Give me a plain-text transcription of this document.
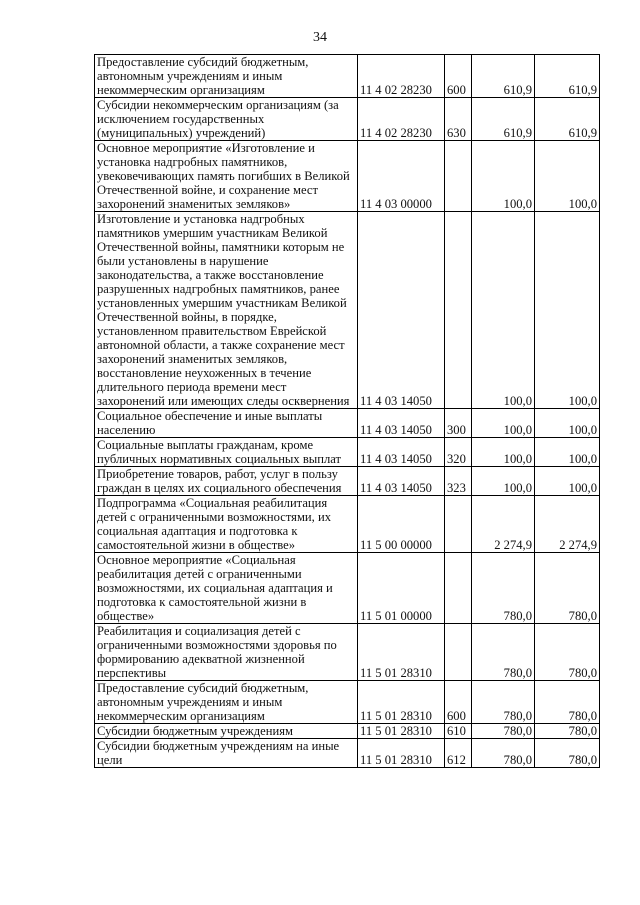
34
Предоставление субсидий бюджетным, автономным учреждениям и иным некоммерческим организациям	11 4 02 28230	600	610,9	610,9
Субсидии некоммерческим организациям (за исключением государственных (муниципальных) учреждений)	11 4 02 28230	630	610,9	610,9
Основное мероприятие «Изготовление и установка надгробных памятников, увековечивающих память погибших в Великой Отечественной войне, и сохранение мест захоронений знаменитых земляков»	11 4 03 00000		100,0	100,0
Изготовление и установка надгробных памятников умершим участникам Великой Отечественной войны, памятники которым не были установлены в нарушение законодательства, а также восстановление разрушенных надгробных памятников, ранее установленных умершим участникам Великой Отечественной войны, в порядке, установленном правительством Еврейской автономной области, а также сохранение мест захоронений знаменитых земляков, восстановление неухоженных в течение длительного периода времени мест захоронений или имеющих следы осквернения	11 4 03 14050		100,0	100,0
Социальное обеспечение и иные выплаты населению	11 4 03 14050	300	100,0	100,0
Социальные выплаты гражданам, кроме публичных нормативных социальных выплат	11 4 03 14050	320	100,0	100,0
Приобретение товаров, работ, услуг в пользу граждан в целях их социального обеспечения	11 4 03 14050	323	100,0	100,0
Подпрограмма «Социальная реабилитация детей с ограниченными возможностями, их социальная адаптация и подготовка к самостоятельной жизни в обществе»	11 5 00 00000		2 274,9	2 274,9
Основное мероприятие «Социальная реабилитация детей с ограниченными возможностями, их социальная адаптация и подготовка к самостоятельной жизни в обществе»	11 5 01 00000		780,0	780,0
Реабилитация и социализация детей с ограниченными возможностями здоровья по формированию адекватной жизненной перспективы	11 5 01 28310		780,0	780,0
Предоставление субсидий бюджетным, автономным учреждениям и иным некоммерческим организациям	11 5 01 28310	600	780,0	780,0
Субсидии бюджетным учреждениям	11 5 01 28310	610	780,0	780,0
Субсидии бюджетным учреждениям на иные цели	11 5 01 28310	612	780,0	780,0
